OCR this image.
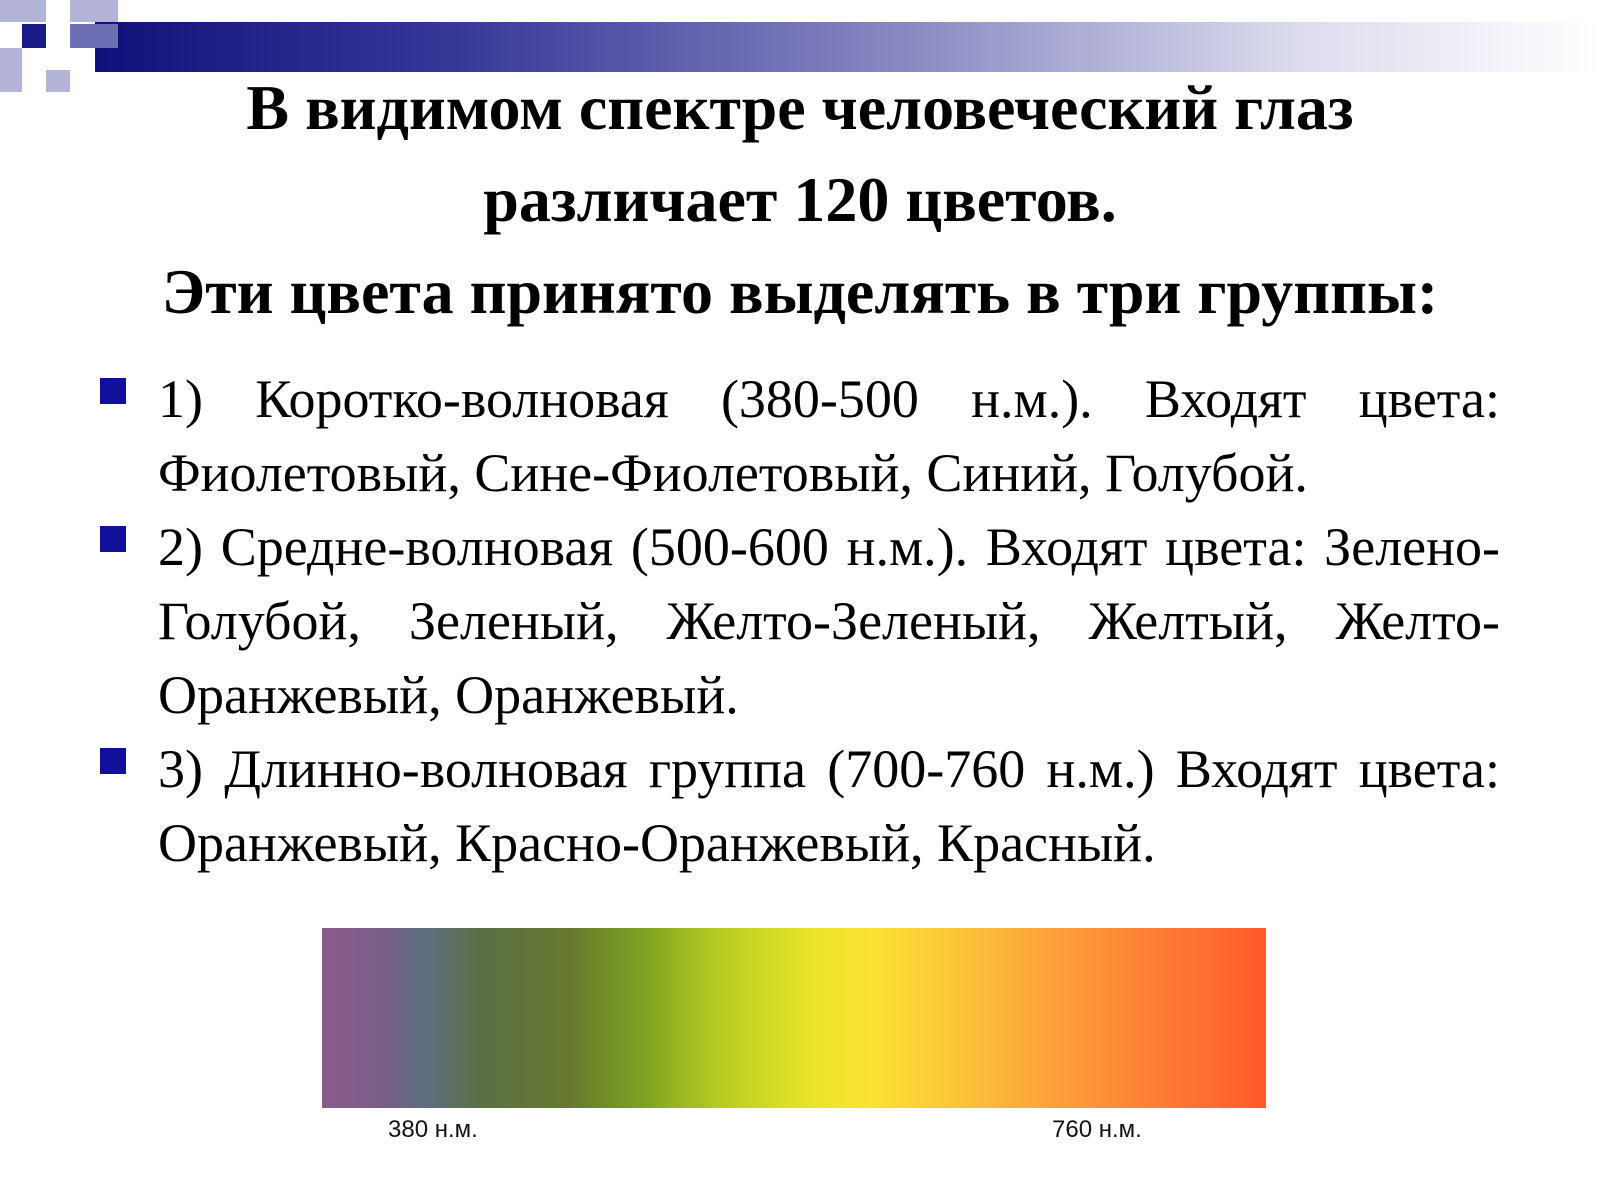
В видимом спектре человеческий глаз
различает 120 цветов.
Эти цвета принято выделять в три группы:
1) Коротко-волновая (380-500 н.м.). Входят цвета: Фиолетовый, Сине-Фиолетовый, Синий, Голубой.
2) Средне-волновая (500-600 н.м.). Входят цвета: Зелено-Голубой, Зеленый, Желто-Зеленый, Желтый, Желто-Оранжевый, Оранжевый.
3) Длинно-волновая группа (700-760 н.м.) Входят цвета: Оранжевый, Красно-Оранжевый, Красный.
380 н.м.	760 н.м.
